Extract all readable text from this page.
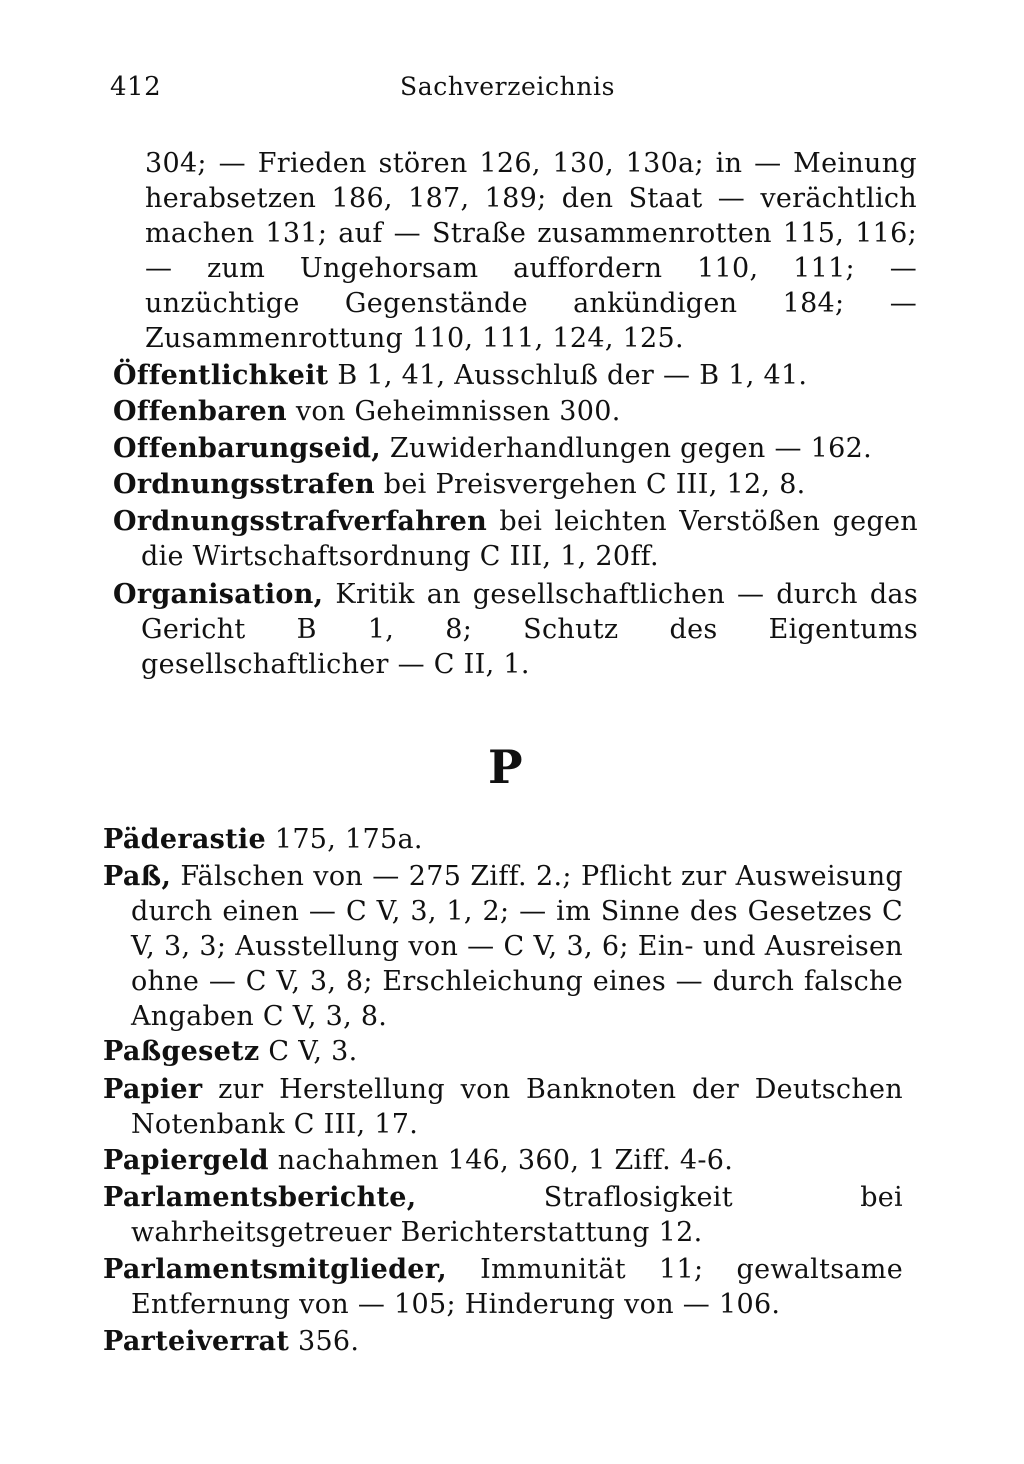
412	Sachverzeichnis
304; — Frieden stören 126, 130, 130a; in — Meinung herabsetzen 186, 187, 189; den Staat — verächtlich machen 131; auf — Straße zusammenrotten 115, 116; — zum Ungehorsam auffordern 110, 111; — unzüchtige Gegenstände ankündigen 184; — Zusammenrottung 110, 111, 124, 125.
Öffentlichkeit B 1, 41, Ausschluß der — B 1, 41.
Offenbaren von Geheimnissen 300.
Offenbarungseid, Zuwiderhandlungen gegen — 162.
Ordnungsstrafen bei Preisvergehen C III, 12, 8.
Ordnungsstrafverfahren bei leichten Verstößen gegen die Wirtschaftsordnung C III, 1, 20ff.
Organisation, Kritik an gesellschaftlichen — durch das Gericht B 1, 8; Schutz des Eigentums gesellschaftlicher — C II, 1.
P
Päderastie 175, 175a.
Paß, Fälschen von — 275 Ziff. 2.; Pflicht zur Ausweisung durch einen — C V, 3, 1, 2; — im Sinne des Gesetzes C V, 3, 3; Ausstellung von — C V, 3, 6; Ein- und Ausreisen ohne — C V, 3, 8; Erschleichung eines — durch falsche Angaben C V, 3, 8.
Paßgesetz C V, 3.
Papier zur Herstellung von Banknoten der Deutschen Notenbank C III, 17.
Papiergeld nachahmen 146, 360, 1 Ziff. 4-6.
Parlamentsberichte, Straflosigkeit bei wahrheitsgetreuer Berichterstattung 12.
Parlamentsmitglieder, Immunität 11; gewaltsame Entfernung von — 105; Hinderung von — 106.
Parteiverrat 356.
